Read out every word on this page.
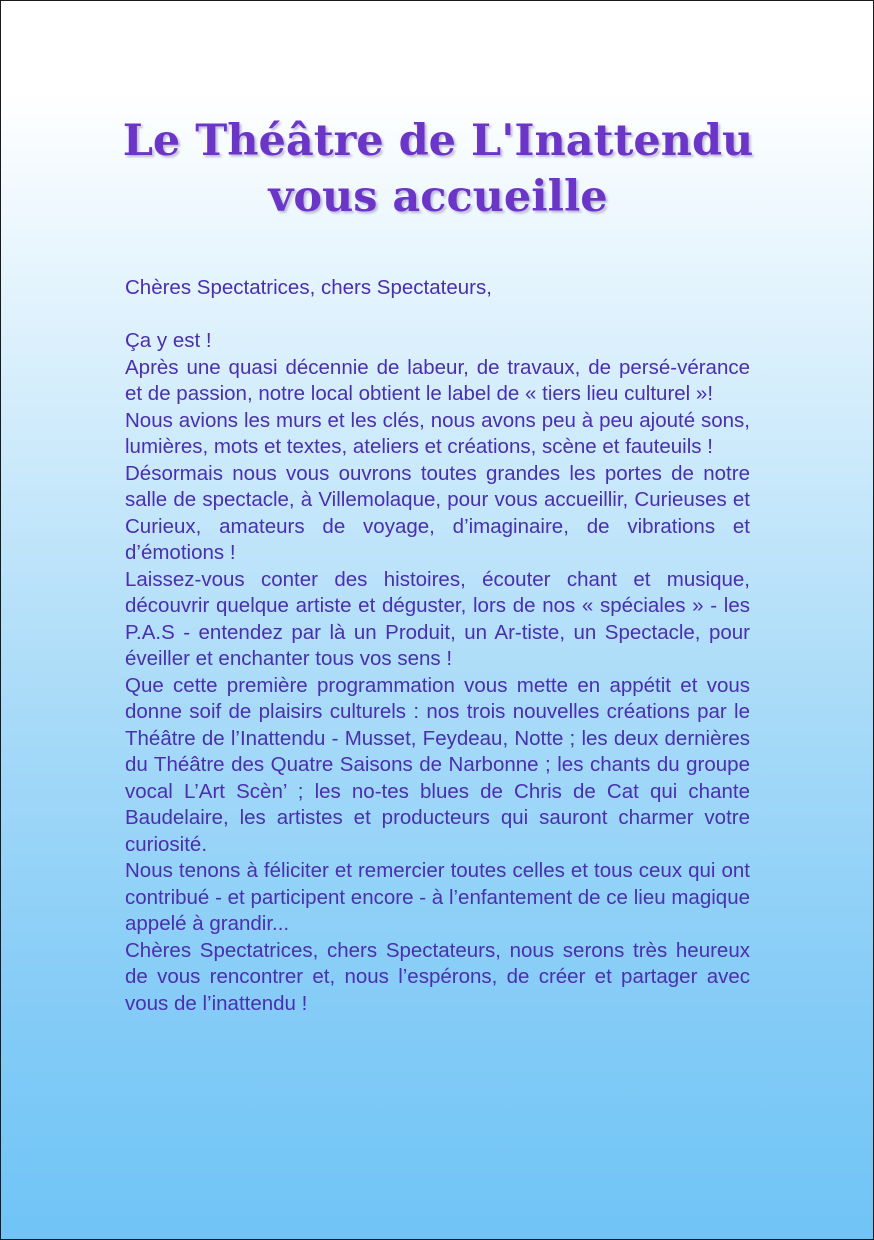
Le Théâtre de L'Inattendu
vous accueille

Chères Spectatrices, chers Spectateurs,

Ça y est !

Après une quasi décennie de labeur, de travaux, de persé-vérance et de passion, notre local obtient le label de « tiers lieu culturel »!

Nous avions les murs et les clés, nous avons peu à peu ajouté sons, lumières, mots et textes, ateliers et créations, scène et fauteuils !

Désormais nous vous ouvrons toutes grandes les portes de notre salle de spectacle, à Villemolaque, pour vous accueillir, Curieuses et Curieux, amateurs de voyage, d’imaginaire, de vibrations et d’émotions !

Laissez-vous conter des histoires, écouter chant et musique, découvrir quelque artiste et déguster, lors de nos « spéciales » - les P.A.S - entendez par là un Produit, un Ar-tiste, un Spectacle, pour éveiller et enchanter tous vos sens !

Que cette première programmation vous mette en appétit et vous donne soif de plaisirs culturels : nos trois nouvelles créations par le Théâtre de l’Inattendu - Musset, Feydeau, Notte ; les deux dernières du Théâtre des Quatre Saisons de Narbonne ; les chants du groupe vocal L’Art Scèn’ ; les no-tes blues de Chris de Cat qui chante Baudelaire, les artistes et producteurs qui sauront charmer votre curiosité.

Nous tenons à féliciter et remercier toutes celles et tous ceux qui ont contribué - et participent encore - à l’enfantement de ce lieu magique appelé à grandir...

Chères Spectatrices, chers Spectateurs, nous serons très heureux de vous rencontrer et, nous l’espérons, de créer et partager avec vous de l’inattendu !
